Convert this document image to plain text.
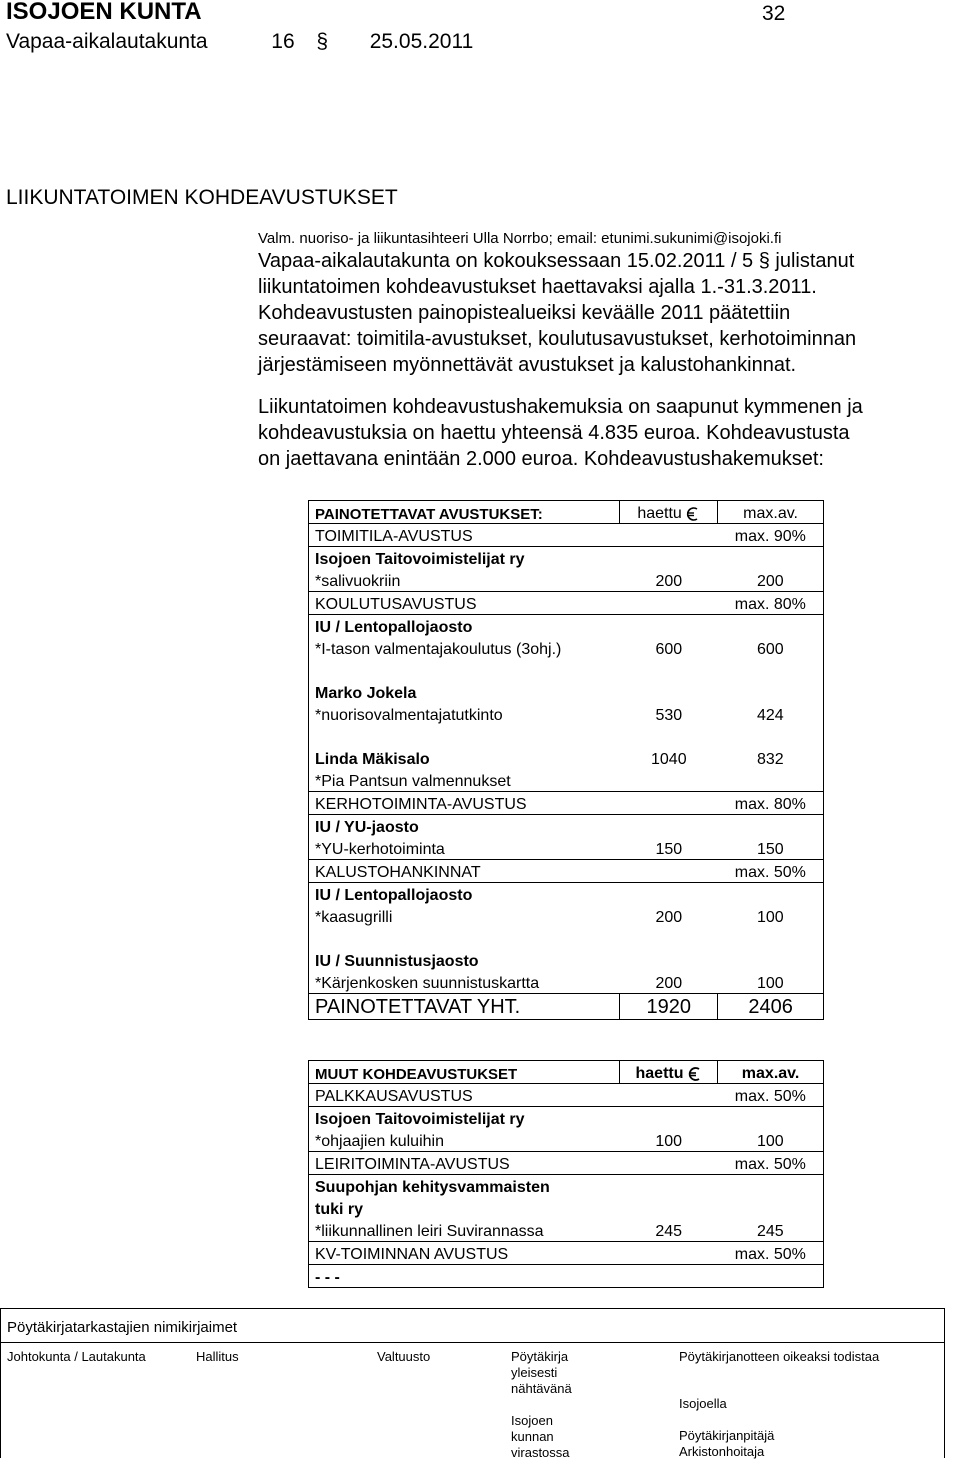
ISOJOEN KUNTA
Vapaa-aikalautakunta	16 § 25.05.2011
32
LIIKUNTATOIMEN KOHDEAVUSTUKSET
Valm. nuoriso- ja liikuntasihteeri Ulla Norrbo; email: etunimi.sukunimi@isojoki.fi

Vapaa-aikalautakunta on kokouksessaan 15.02.2011 / 5 § julistanut

liikuntatoimen kohdeavustukset haettavaksi ajalla 1.-31.3.2011.

Kohdeavustusten painopistealueiksi keväälle 2011 päätettiin

seuraavat: toimitila-avustukset, koulutusavustukset, kerhotoiminnan

järjestämiseen myönnettävät avustukset ja kalustohankinnat.

Liikuntatoimen kohdeavustushakemuksia on saapunut kymmenen ja

kohdeavustuksia on haettu yhteensä 4.835 euroa. Kohdeavustusta

on jaettavana enintään 2.000 euroa. Kohdeavustushakemukset:

PAINOTETTAVAT AVUSTUKSET:	haettu	max.av.
TOIMITILA-AVUSTUS		max. 90%
Isojoen Taitovoimistelijat ry		
*salivuokriin	200	200
KOULUTUSAVUSTUS		max. 80%
IU / Lentopallojaosto		
*I-tason valmentajakoulutus (3ohj.)	600	600

Marko Jokela		
*nuorisovalmentajatutkinto	530	424

Linda Mäkisalo	1040	832
*Pia Pantsun valmennukset		
KERHOTOIMINTA-AVUSTUS		max. 80%
IU / YU-jaosto		
*YU-kerhotoiminta	150	150
KALUSTOHANKINNAT		max. 50%
IU / Lentopallojaosto		
*kaasugrilli	200	100

IU / Suunnistusjaosto		
*Kärjenkosken suunnistuskartta	200	100
PAINOTETTAVAT YHT.	1920	2406
MUUT KOHDEAVUSTUKSET	haettu	max.av.
PALKKAUSAVUSTUS		max. 50%
Isojoen Taitovoimistelijat ry		
*ohjaajien kuluihin	100	100
LEIRITOIMINTA-AVUSTUS		max. 50%
Suupohjan kehitysvammaisten		
tuki ry		
*liikunnallinen leiri Suvirannassa	245	245
KV-TOIMINNAN AVUSTUS		max. 50%
- - -		
Pöytäkirjatarkastajien nimikirjaimet
Johtokunta / Lautakunta	Hallitus	Valtuusto	Pöytäkirja
yleisesti
nähtävänä
Isojoen
kunnan
virastossa
Pöytäkirjanotteen oikeaksi todistaa
Isojoella
Pöytäkirjanpitäjä
Arkistonhoitaja
